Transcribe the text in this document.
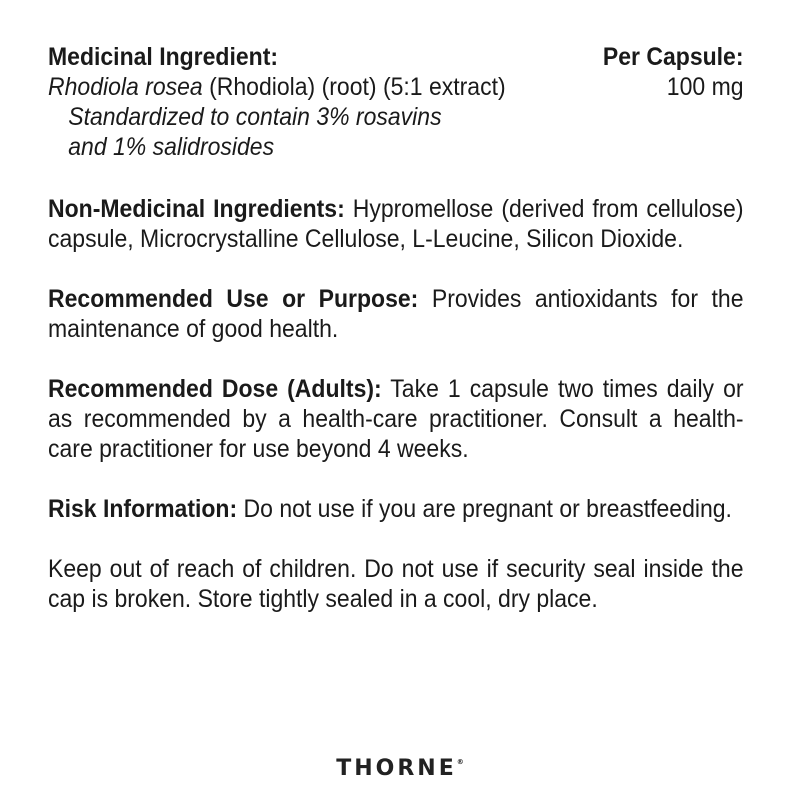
Medicinal Ingredient:	Per Capsule:
Rhodiola rosea (Rhodiola) (root) (5:1 extract)	100 mg
Standardized to contain 3% rosavins
and 1% salidrosides
Non-Medicinal Ingredients: Hypromellose (derived from cellulose) capsule, Microcrystalline Cellulose, L-Leucine, Silicon Dioxide.
Recommended Use or Purpose: Provides antioxidants for the maintenance of good health.
Recommended Dose (Adults): Take 1 capsule two times daily or as recommended by a health-care practitioner. Consult a health-care practitioner for use beyond 4 weeks.
Risk Information: Do not use if you are pregnant or breastfeeding.
Keep out of reach of children. Do not use if security seal inside the cap is broken. Store tightly sealed in a cool, dry place.
THORNE®
